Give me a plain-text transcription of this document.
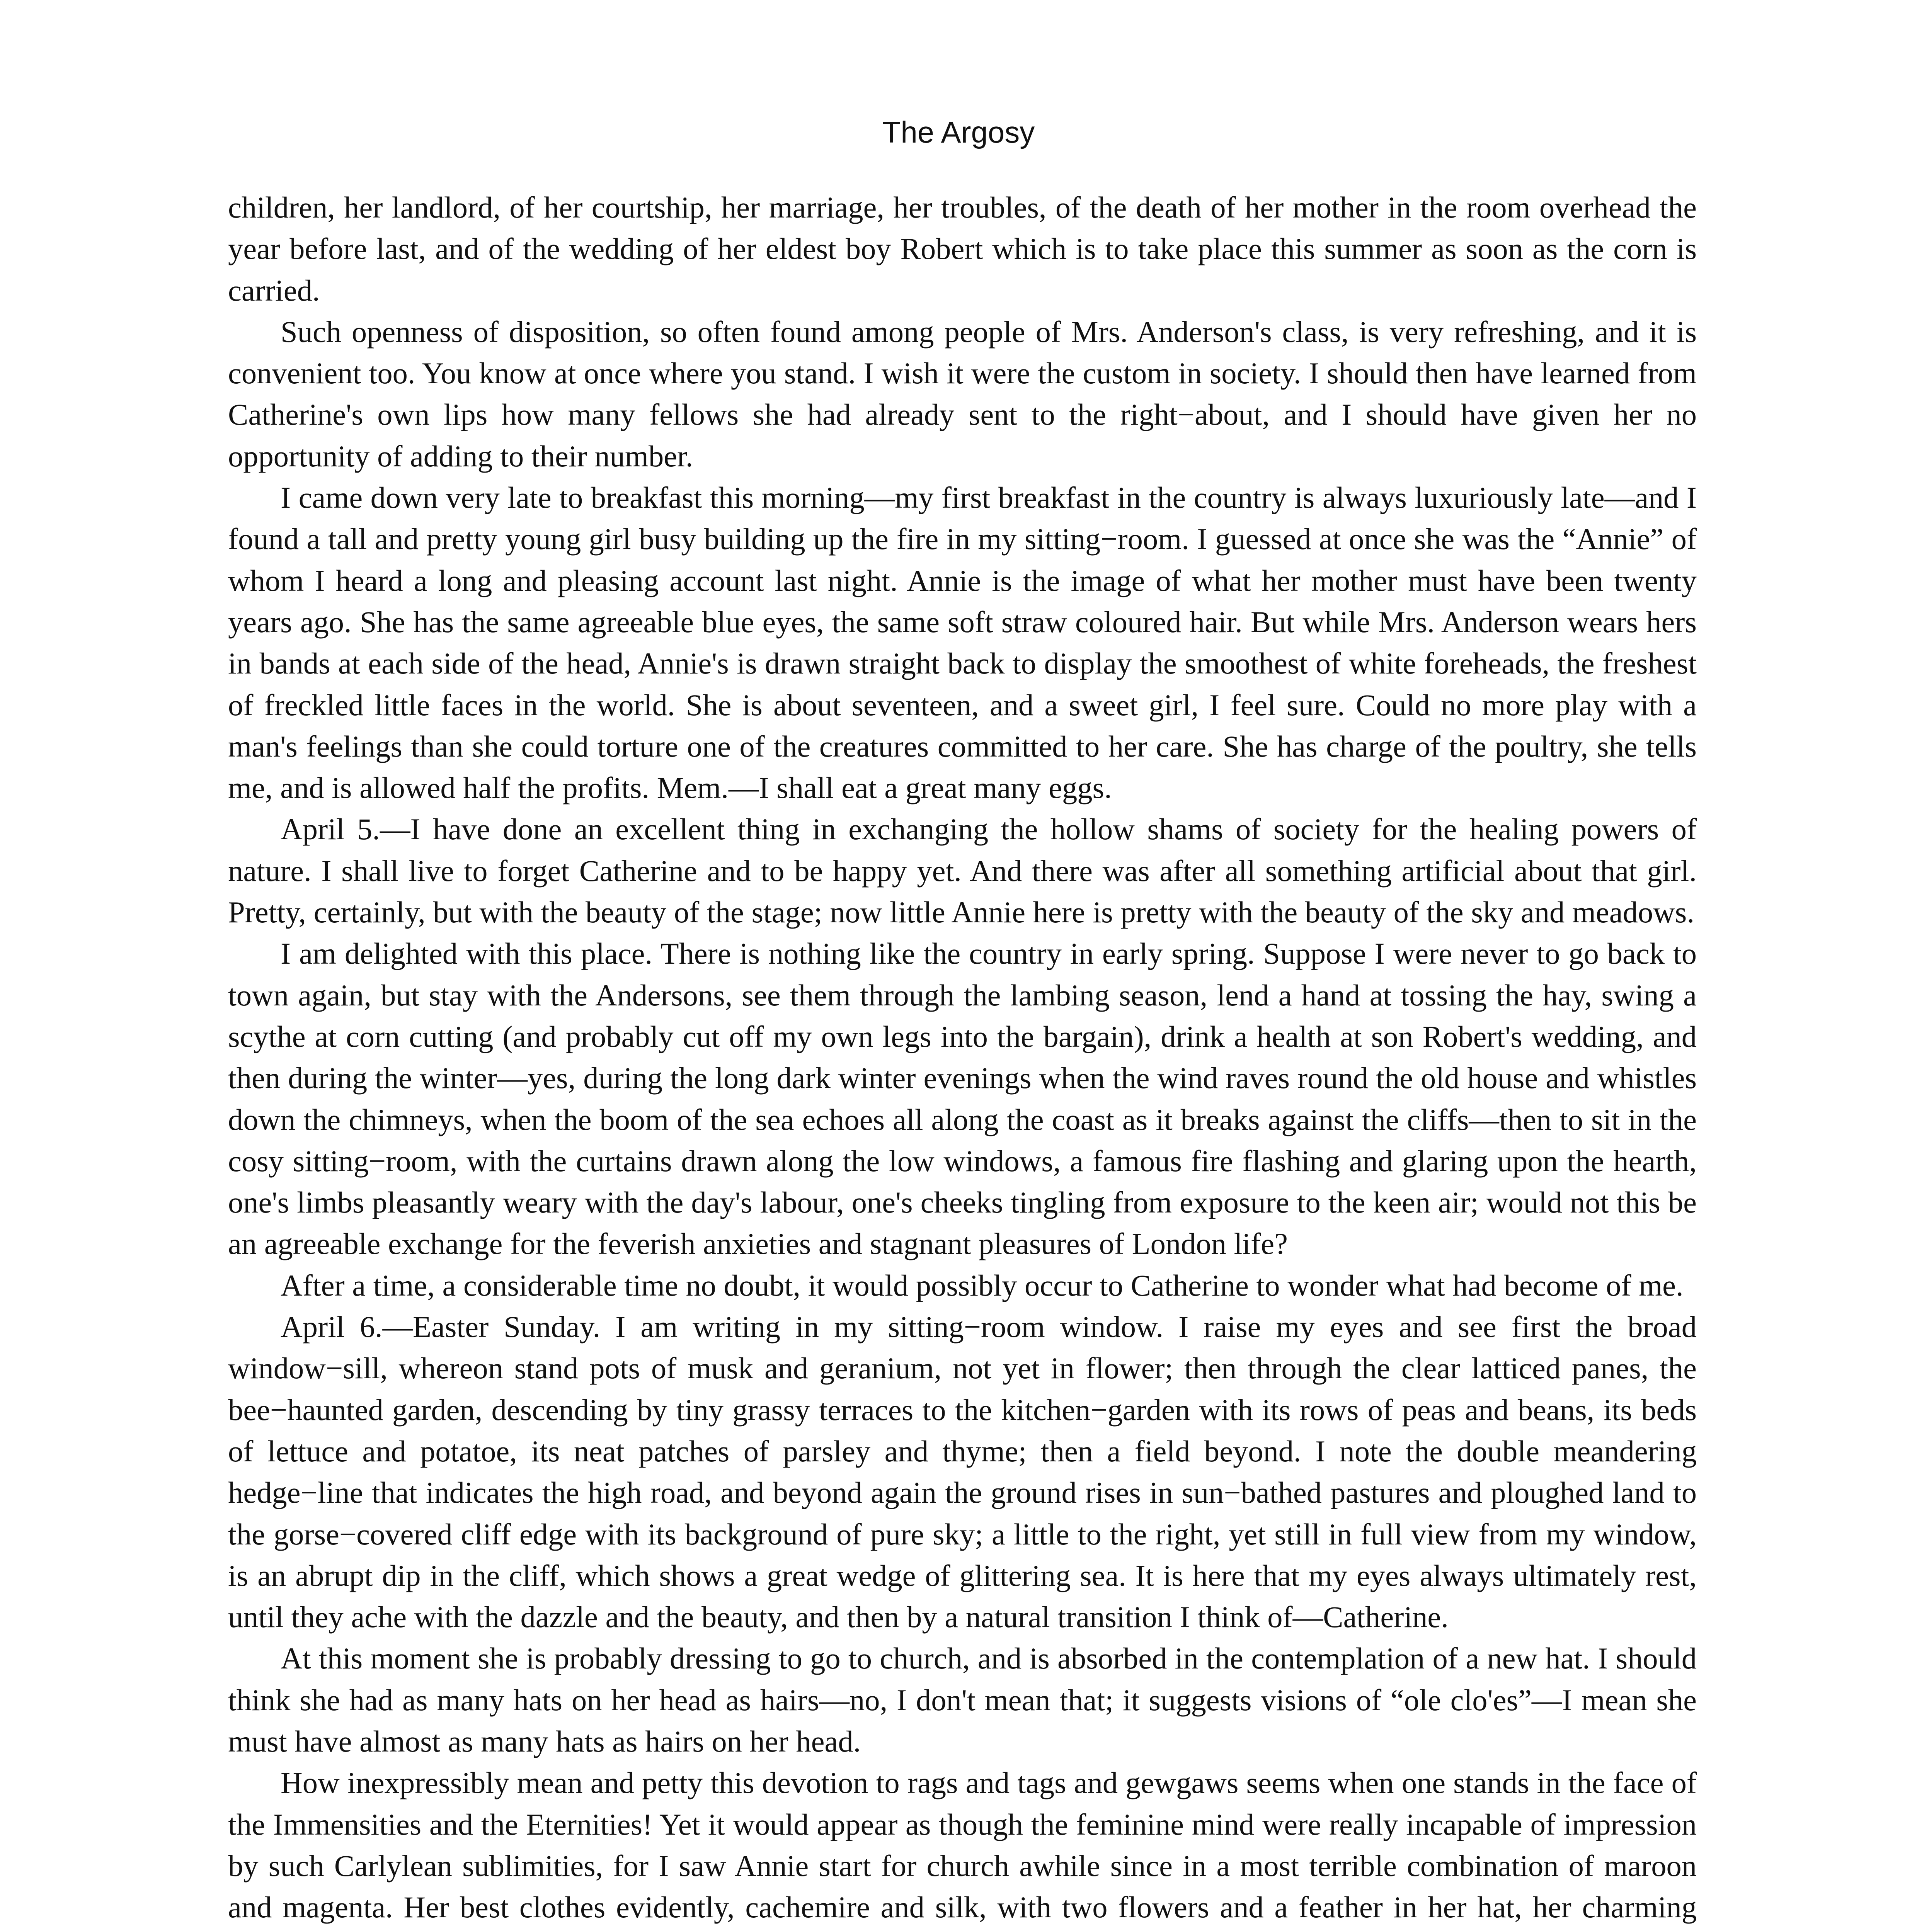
The Argosy

children, her landlord, of her courtship, her marriage, her troubles, of the death of her mother in the room overhead the year before last, and of the wedding of her eldest boy Robert which is to take place this summer as soon as the corn is carried.

Such openness of disposition, so often found among people of Mrs. Anderson's class, is very refreshing, and it is convenient too. You know at once where you stand. I wish it were the custom in society. I should then have learned from Catherine's own lips how many fellows she had already sent to the right−about, and I should have given her no opportunity of adding to their number.

I came down very late to breakfast this morning—my first breakfast in the country is always luxuriously late—and I found a tall and pretty young girl busy building up the fire in my sitting−room. I guessed at once she was the “Annie” of whom I heard a long and pleasing account last night. Annie is the image of what her mother must have been twenty years ago. She has the same agreeable blue eyes, the same soft straw coloured hair. But while Mrs. Anderson wears hers in bands at each side of the head, Annie's is drawn straight back to display the smoothest of white foreheads, the freshest of freckled little faces in the world. She is about seventeen, and a sweet girl, I feel sure. Could no more play with a man's feelings than she could torture one of the creatures committed to her care. She has charge of the poultry, she tells me, and is allowed half the profits. Mem.—I shall eat a great many eggs.

April 5.—I have done an excellent thing in exchanging the hollow shams of society for the healing powers of nature. I shall live to forget Catherine and to be happy yet. And there was after all something artificial about that girl. Pretty, certainly, but with the beauty of the stage; now little Annie here is pretty with the beauty of the sky and meadows.

I am delighted with this place. There is nothing like the country in early spring. Suppose I were never to go back to town again, but stay with the Andersons, see them through the lambing season, lend a hand at tossing the hay, swing a scythe at corn cutting (and probably cut off my own legs into the bargain), drink a health at son Robert's wedding, and then during the winter—yes, during the long dark winter evenings when the wind raves round the old house and whistles down the chimneys, when the boom of the sea echoes all along the coast as it breaks against the cliffs—then to sit in the cosy sitting−room, with the curtains drawn along the low windows, a famous fire flashing and glaring upon the hearth, one's limbs pleasantly weary with the day's labour, one's cheeks tingling from exposure to the keen air; would not this be an agreeable exchange for the feverish anxieties and stagnant pleasures of London life?

After a time, a considerable time no doubt, it would possibly occur to Catherine to wonder what had become of me.

April 6.—Easter Sunday. I am writing in my sitting−room window. I raise my eyes and see first the broad window−sill, whereon stand pots of musk and geranium, not yet in flower; then through the clear latticed panes, the bee−haunted garden, descending by tiny grassy terraces to the kitchen−garden with its rows of peas and beans, its beds of lettuce and potatoe, its neat patches of parsley and thyme; then a field beyond. I note the double meandering hedge−line that indicates the high road, and beyond again the ground rises in sun−bathed pastures and ploughed land to the gorse−covered cliff edge with its background of pure sky; a little to the right, yet still in full view from my window, is an abrupt dip in the cliff, which shows a great wedge of glittering sea. It is here that my eyes always ultimately rest, until they ache with the dazzle and the beauty, and then by a natural transition I think of—Catherine.

At this moment she is probably dressing to go to church, and is absorbed in the contemplation of a new hat. I should think she had as many hats on her head as hairs—no, I don't mean that; it suggests visions of “ole clo'es”—I mean she must have almost as many hats as hairs on her head.

How inexpressibly mean and petty this devotion to rags and tags and gewgaws seems when one stands in the face of the Immensities and the Eternities! Yet it would appear as though the feminine mind were really incapable of impression by such Carlylean sublimities, for I saw Annie start for church awhile since in a most terrible combination of maroon and magenta. Her best clothes evidently, cachemire and silk, with two flowers and a feather in her hat, her charming
